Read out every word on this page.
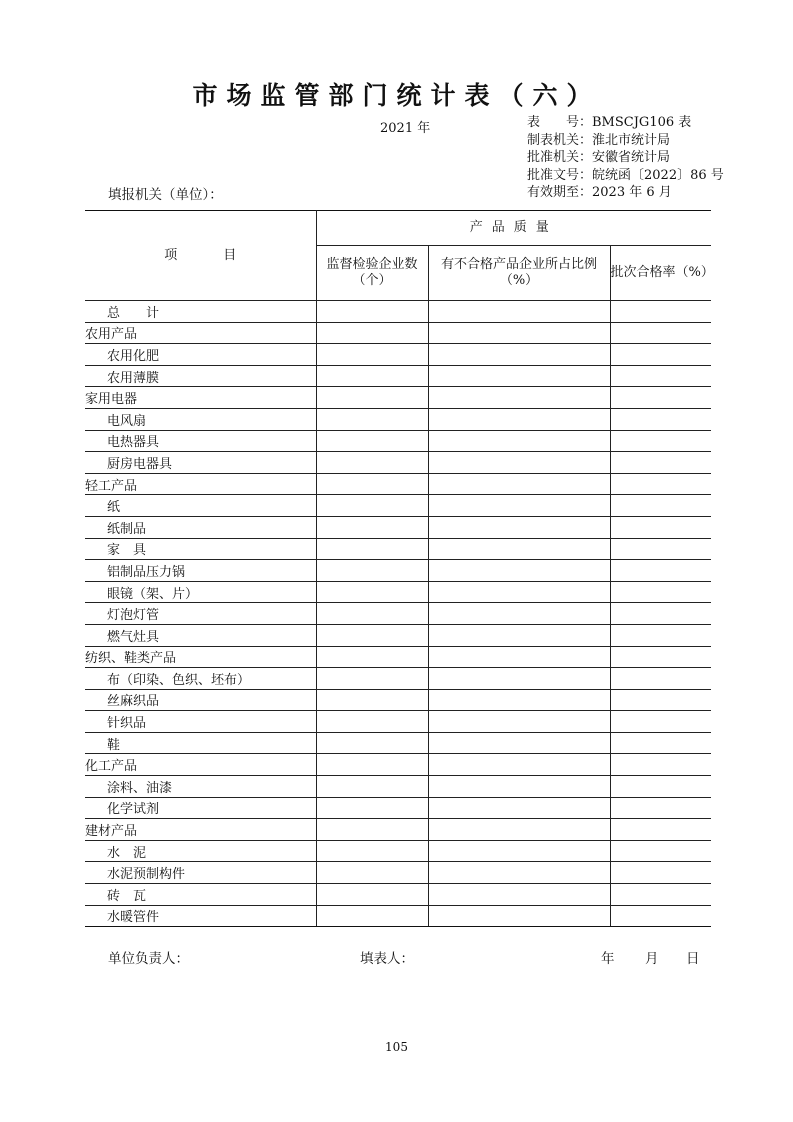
市场监管部门统计表（六）
2021 年	表　　号：BMSCJG106 表
制表机关：淮北市统计局
批准机关：安徽省统计局
批准文号：皖统函〔2022〕86 号
有效期至：2023 年 6 月
填报机关（单位）：
项 目	产品质量		
	监督检验企业数（个）	有不合格产品企业所占比例（%）	批次合格率（%）
总　　计			
农用产品			
农用化肥			
农用薄膜			
家用电器			
电风扇			
电热器具			
厨房电器具			
轻工产品			
纸			
纸制品			
家　具			
铝制品压力锅			
眼镜（架、片）			
灯泡灯管			
燃气灶具			
纺织、鞋类产品			
布（印染、色织、坯布）			
丝麻织品			
针织品			
鞋			
化工产品			
涂料、油漆			
化学试剂			
建材产品			
水　泥			
水泥预制构件			
砖　瓦			
水暖管件			
单位负责人：	填表人：	年 月 日
105
